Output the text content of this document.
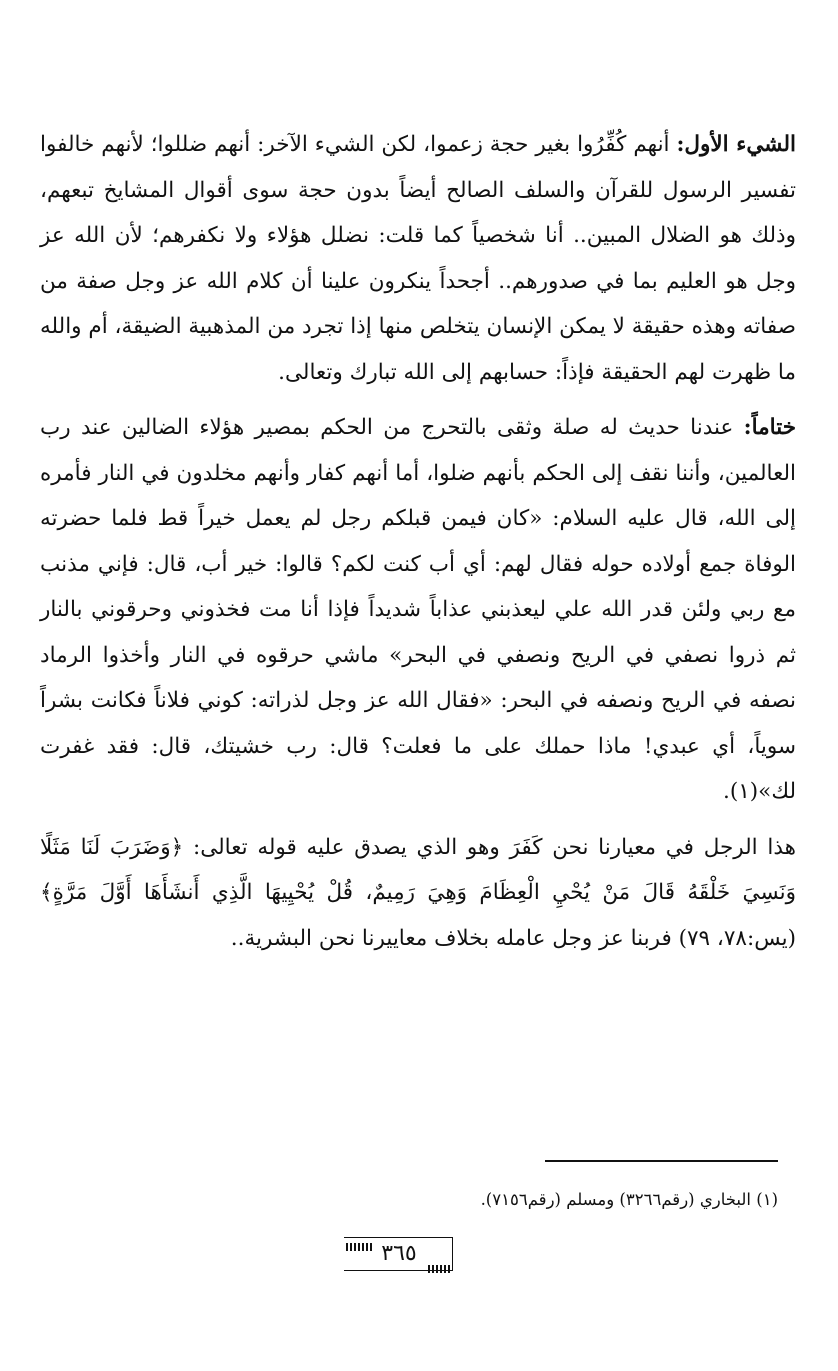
الشيء الأول: أنهم كُفِّرُوا بغير حجة زعموا، لكن الشيء الآخر: أنهم ضللوا؛ لأنهم خالفوا تفسير الرسول للقرآن والسلف الصالح أيضاً بدون حجة سوى أقوال المشايخ تبعهم، وذلك هو الضلال المبين.. أنا شخصياً كما قلت: نضلل هؤلاء ولا نكفرهم؛ لأن الله عز وجل هو العليم بما في صدورهم.. أجحداً ينكرون علينا أن كلام الله عز وجل صفة من صفاته وهذه حقيقة لا يمكن الإنسان يتخلص منها إذا تجرد من المذهبية الضيقة، أم والله ما ظهرت لهم الحقيقة فإذاً: حسابهم إلى الله تبارك وتعالى.

ختاماً: عندنا حديث له صلة وثقى بالتحرج من الحكم بمصير هؤلاء الضالين عند رب العالمين، وأننا نقف إلى الحكم بأنهم ضلوا، أما أنهم كفار وأنهم مخلدون في النار فأمره إلى الله، قال عليه السلام: «كان فيمن قبلكم رجل لم يعمل خيراً قط فلما حضرته الوفاة جمع أولاده حوله فقال لهم: أي أب كنت لكم؟ قالوا: خير أب، قال: فإني مذنب مع ربي ولئن قدر الله علي ليعذبني عذاباً شديداً فإذا أنا مت فخذوني وحرقوني بالنار ثم ذروا نصفي في الريح ونصفي في البحر» ماشي حرقوه في النار وأخذوا الرماد نصفه في الريح ونصفه في البحر: «فقال الله عز وجل لذراته: كوني فلاناً فكانت بشراً سوياً، أي عبدي! ماذا حملك على ما فعلت؟ قال: رب خشيتك، قال: فقد غفرت لك»(١).

هذا الرجل في معيارنا نحن كَفَرَ وهو الذي يصدق عليه قوله تعالى: ﴿وَضَرَبَ لَنَا مَثَلًا وَنَسِيَ خَلْقَهُ قَالَ مَنْ يُحْيِ الْعِظَامَ وَهِيَ رَمِيمٌ، قُلْ يُحْيِيهَا الَّذِي أَنشَأَهَا أَوَّلَ مَرَّةٍ﴾(يس:٧٨، ٧٩) فربنا عز وجل عامله بخلاف معاييرنا نحن البشرية..

(١) البخاري (رقم٣٢٦٦) ومسلم (رقم٧١٥٦).
٣٦٥
